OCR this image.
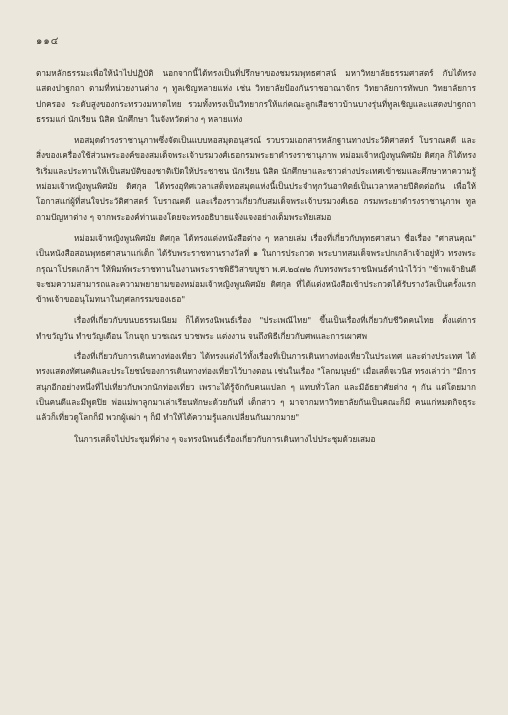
๑๑๔

ตามหลักธรรมะเพื่อให้นำไปปฏิบัติ นอกจากนี้ได้ทรงเป็นที่ปรึกษาของชมรมพุทธศาสน์ มหาวิทยาลัยธรรมศาสตร์ กับได้ทรงแสดงปาฐกถา ตามที่หน่วยงานต่าง ๆ ทูลเชิญหลายแห่ง เช่น วิทยาลัยป้องกันราชอาณาจักร วิทยาลัยการทัพบก วิทยาลัยการปกครอง ระดับสูงของกระทรวงมหาดไทย รวมทั้งทรงเป็นวิทยากรให้แก่คณะลูกเสือชาวบ้านบางรุ่นที่ทูลเชิญและแสดงปาฐกถาธรรมแก่ นักเรียน นิสิต นักศึกษา ในจังหวัดต่าง ๆ หลายแห่ง

หอสมุดดำรงราชานุภาพซึ่งจัดเป็นแบบหอสมุดอนุสรณ์ รวบรวมเอกสารหลักฐานทางประวัติศาสตร์ โบราณคดี และสิ่งของเครื่องใช้ส่วนพระองค์ของสมเด็จพระเจ้าบรมวงศ์เธอกรมพระยาดำรงราชานุภาพ หม่อมเจ้าหญิงพูนพิศมัย ดิศกุล ก็ได้ทรงริเริ่มและประทานให้เป็นสมบัติของชาติเปิดให้ประชาชน นักเรียน นิสิต นักศึกษาและชาวต่างประเทศเข้าชมและศึกษาหาความรู้ หม่อมเจ้าหญิงพูนพิศมัย ดิศกุล ได้ทรงอุทิศเวลาเสด็จหอสมุดแห่งนี้เป็นประจำทุกวันอาทิตย์เป็นเวลาหลายปีติดต่อกัน เพื่อให้โอกาสแก่ผู้ที่สนใจประวัติศาสตร์ โบราณคดี และเรื่องราวเกี่ยวกับสมเด็จพระเจ้าบรมวงศ์เธอ กรมพระยาดำรงราชานุภาพ ทูลถามปัญหาต่าง ๆ จากพระองค์ท่านเองโดยจะทรงอธิบายแจ้งแจงอย่างเต็มพระทัยเสมอ

หม่อมเจ้าหญิงพูนพิศมัย ดิศกุล ได้ทรงแต่งหนังสือต่าง ๆ หลายเล่ม เรื่องที่เกี่ยวกับพุทธศาสนา ชื่อเรื่อง "ศาสนคุณ" เป็นหนังสือสอนพุทธศาสนาแก่เด็ก ได้รับพระราชทานรางวัลที่ ๑ ในการประกวด พระบาทสมเด็จพระปกเกล้าเจ้าอยู่หัว ทรงพระกรุณาโปรดเกล้าฯ ให้พิมพ์พระราชทานในงานพระราชพิธีวิสาขบูชา พ.ศ.๒๔๗๒ กับทรงพระราชนิพนธ์คำนำไว้ว่า "ข้าพเจ้ายินดีจะชมความสามารถและความพยายามของหม่อมเจ้าหญิงพูนพิศมัย ดิศกุล ที่ได้แต่งหนังสือเข้าประกวดได้รับรางวัลเป็นครั้งแรก ข้าพเจ้าขออนุโมทนาในกุศลกรรมของเธอ"

เรื่องที่เกี่ยวกับขนบธรรมเนียม ก็ได้ทรงนิพนธ์เรื่อง "ประเพณีไทย" ขึ้นเป็นเรื่องที่เกี่ยวกับชีวิตคนไทย ตั้งแต่การทำขวัญวัน ทำขวัญเดือน โกนจุก บวชเณร บวชพระ แต่งงาน จนถึงพิธีเกี่ยวกับศพและการเผาศพ

เรื่องที่เกี่ยวกับการเดินทางท่องเที่ยว ได้ทรงแต่งไว้ทั้งเรื่องที่เป็นการเดินทางท่องเที่ยวในประเทศ และต่างประเทศ ได้ทรงแสดงทัศนคติและประโยชน์ของการเดินทางท่องเที่ยวไว้บางตอน เช่นในเรื่อง "โลกมนุษย์" เมื่อเสด็จเวนิส ทรงเล่าว่า "มีการสนุกอีกอย่างหนึ่งที่ไปเที่ยวกับพวกนักท่องเที่ยว เพราะได้รู้จักกับคนแปลก ๆ แทบทั่วโลก และมีอัธยาศัยต่าง ๆ กัน แต่โดยมากเป็นคนดีและมีพูดปิย พ่อแม่พาลูกมาเล่าเรียนทักษะด้วยกันที่ เด็กสาว ๆ มาจากมหาวิทยาลัยกันเป็นคณะก็มี คนแก่หมดกิจธุระแล้วก็เที่ยวดูโลกก็มี พวกผู้เฒ่า ๆ ก็มี ทำให้ได้ความรู้แลกเปลี่ยนกันมากมาย"

ในการเสด็จไปประชุมที่ต่าง ๆ จะทรงนิพนธ์เรื่องเกี่ยวกับการเดินทางไปประชุมด้วยเสมอ
